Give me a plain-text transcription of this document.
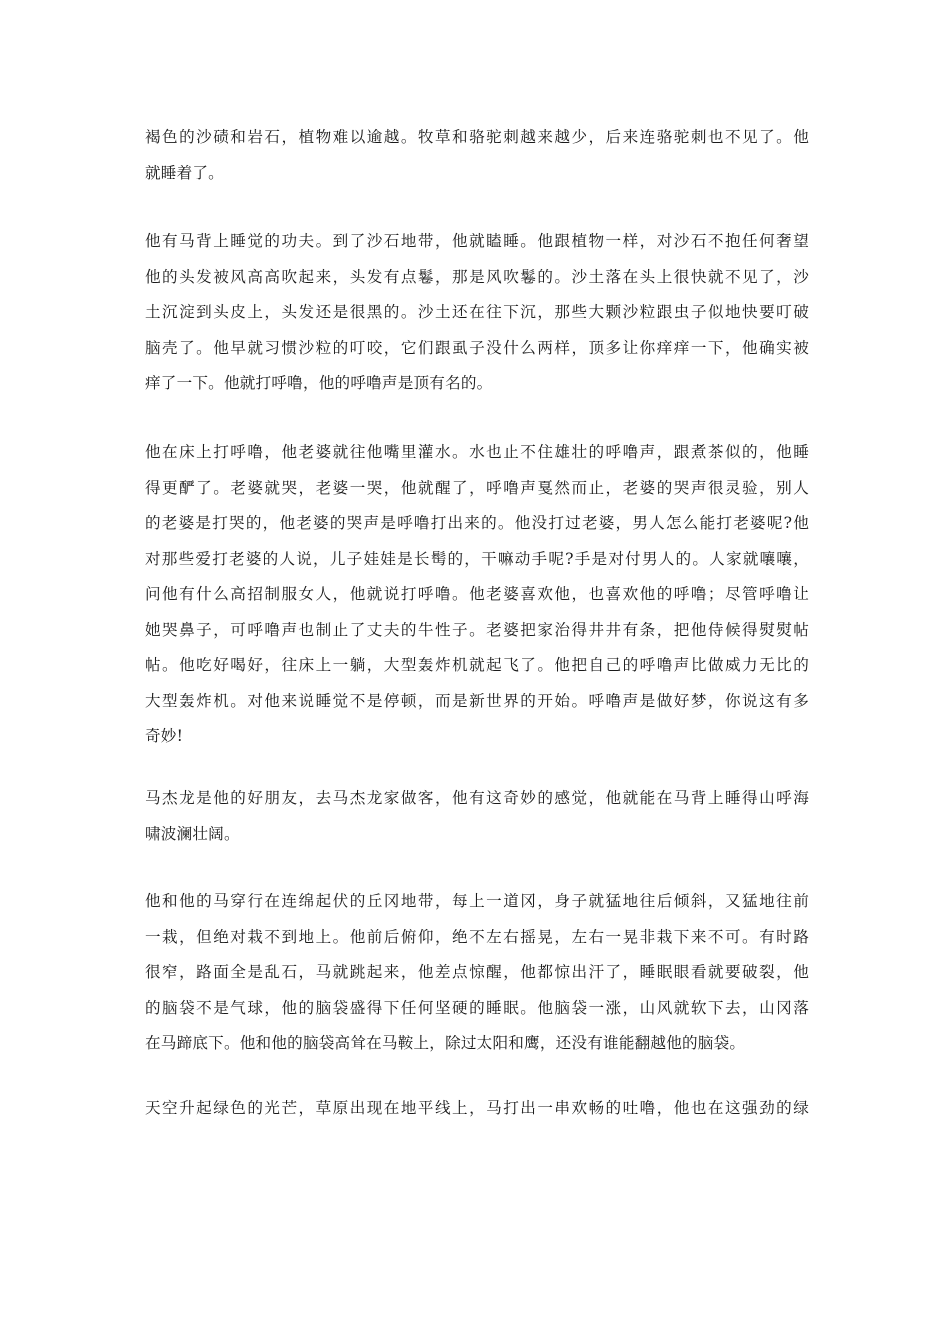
褐色的沙碛和岩石，植物难以逾越。牧草和骆驼刺越来越少，后来连骆驼刺也不见了。他
就睡着了。
他有马背上睡觉的功夫。到了沙石地带，他就瞌睡。他跟植物一样，对沙石不抱任何奢望
他的头发被风高高吹起来，头发有点鬈，那是风吹鬈的。沙土落在头上很快就不见了，沙
土沉淀到头皮上，头发还是很黑的。沙土还在往下沉，那些大颗沙粒跟虫子似地快要叮破
脑壳了。他早就习惯沙粒的叮咬，它们跟虱子没什么两样，顶多让你痒痒一下，他确实被
痒了一下。他就打呼噜，他的呼噜声是顶有名的。
他在床上打呼噜，他老婆就往他嘴里灌水。水也止不住雄壮的呼噜声，跟煮茶似的，他睡
得更酽了。老婆就哭，老婆一哭，他就醒了，呼噜声戛然而止，老婆的哭声很灵验，别人
的老婆是打哭的，他老婆的哭声是呼噜打出来的。他没打过老婆，男人怎么能打老婆呢?他
对那些爱打老婆的人说，儿子娃娃是长髩的，干嘛动手呢?手是对付男人的。人家就嚷嚷，
问他有什么高招制服女人，他就说打呼噜。他老婆喜欢他，也喜欢他的呼噜；尽管呼噜让
她哭鼻子，可呼噜声也制止了丈夫的牛性子。老婆把家治得井井有条，把他侍候得熨熨帖
帖。他吃好喝好，往床上一躺，大型轰炸机就起飞了。他把自己的呼噜声比做威力无比的
大型轰炸机。对他来说睡觉不是停顿，而是新世界的开始。呼噜声是做好梦，你说这有多
奇妙!
马杰龙是他的好朋友，去马杰龙家做客，他有这奇妙的感觉，他就能在马背上睡得山呼海
啸波澜壮阔。
他和他的马穿行在连绵起伏的丘冈地带，每上一道冈，身子就猛地往后倾斜，又猛地往前
一栽，但绝对栽不到地上。他前后俯仰，绝不左右摇晃，左右一晃非栽下来不可。有时路
很窄，路面全是乱石，马就跳起来，他差点惊醒，他都惊出汗了，睡眠眼看就要破裂，他
的脑袋不是气球，他的脑袋盛得下任何坚硬的睡眠。他脑袋一涨，山风就软下去，山冈落
在马蹄底下。他和他的脑袋高耸在马鞍上，除过太阳和鹰，还没有谁能翻越他的脑袋。
天空升起绿色的光芒，草原出现在地平线上，马打出一串欢畅的吐噜，他也在这强劲的绿
